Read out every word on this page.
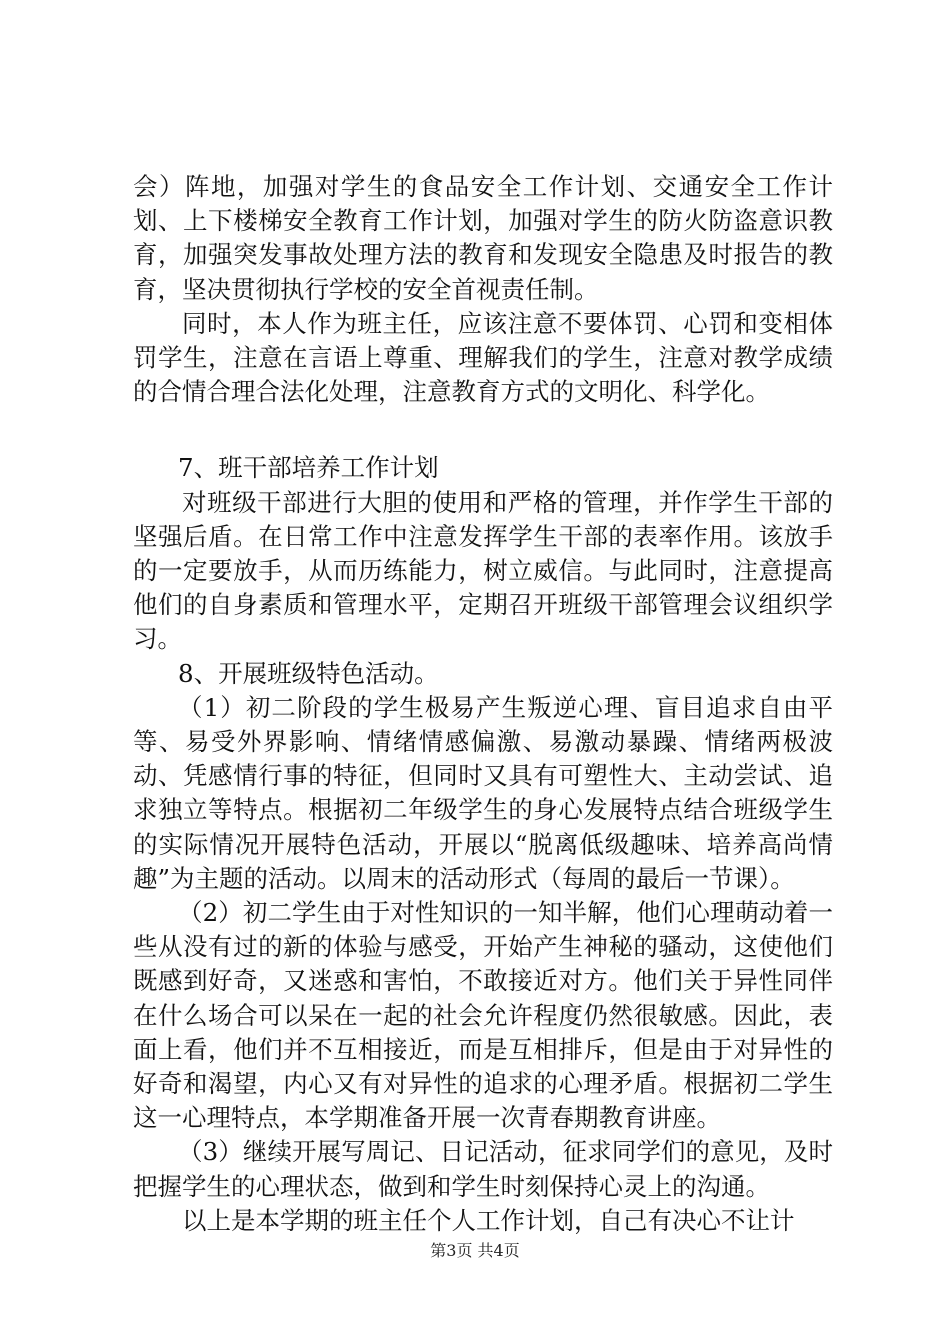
会）阵地，加强对学生的食品安全工作计划、交通安全工作计划、上下楼梯安全教育工作计划，加强对学生的防火防盗意识教育，加强突发事故处理方法的教育和发现安全隐患及时报告的教育，坚决贯彻执行学校的安全首视责任制。

同时，本人作为班主任，应该注意不要体罚、心罚和变相体罚学生，注意在言语上尊重、理解我们的学生，注意对教学成绩的合情合理合法化处理，注意教育方式的文明化、科学化。

7、班干部培养工作计划

对班级干部进行大胆的使用和严格的管理，并作学生干部的坚强后盾。在日常工作中注意发挥学生干部的表率作用。该放手的一定要放手，从而历练能力，树立威信。与此同时，注意提高他们的自身素质和管理水平，定期召开班级干部管理会议组织学习。

8、开展班级特色活动。

（1）初二阶段的学生极易产生叛逆心理、盲目追求自由平等、易受外界影响、情绪情感偏激、易激动暴躁、情绪两极波动、凭感情行事的特征，但同时又具有可塑性大、主动尝试、追求独立等特点。根据初二年级学生的身心发展特点结合班级学生的实际情况开展特色活动，开展以“脱离低级趣味、培养高尚情趣”为主题的活动。以周末的活动形式（每周的最后一节课）。

（2）初二学生由于对性知识的一知半解，他们心理萌动着一些从没有过的新的体验与感受，开始产生神秘的骚动，这使他们既感到好奇，又迷惑和害怕，不敢接近对方。他们关于异性同伴在什么场合可以呆在一起的社会允许程度仍然很敏感。因此，表面上看，他们并不互相接近，而是互相排斥，但是由于对异性的好奇和渴望，内心又有对异性的追求的心理矛盾。根据初二学生这一心理特点，本学期准备开展一次青春期教育讲座。

（3）继续开展写周记、日记活动，征求同学们的意见，及时把握学生的心理状态，做到和学生时刻保持心灵上的沟通。

以上是本学期的班主任个人工作计划，自己有决心不让计

第3页 共4页
